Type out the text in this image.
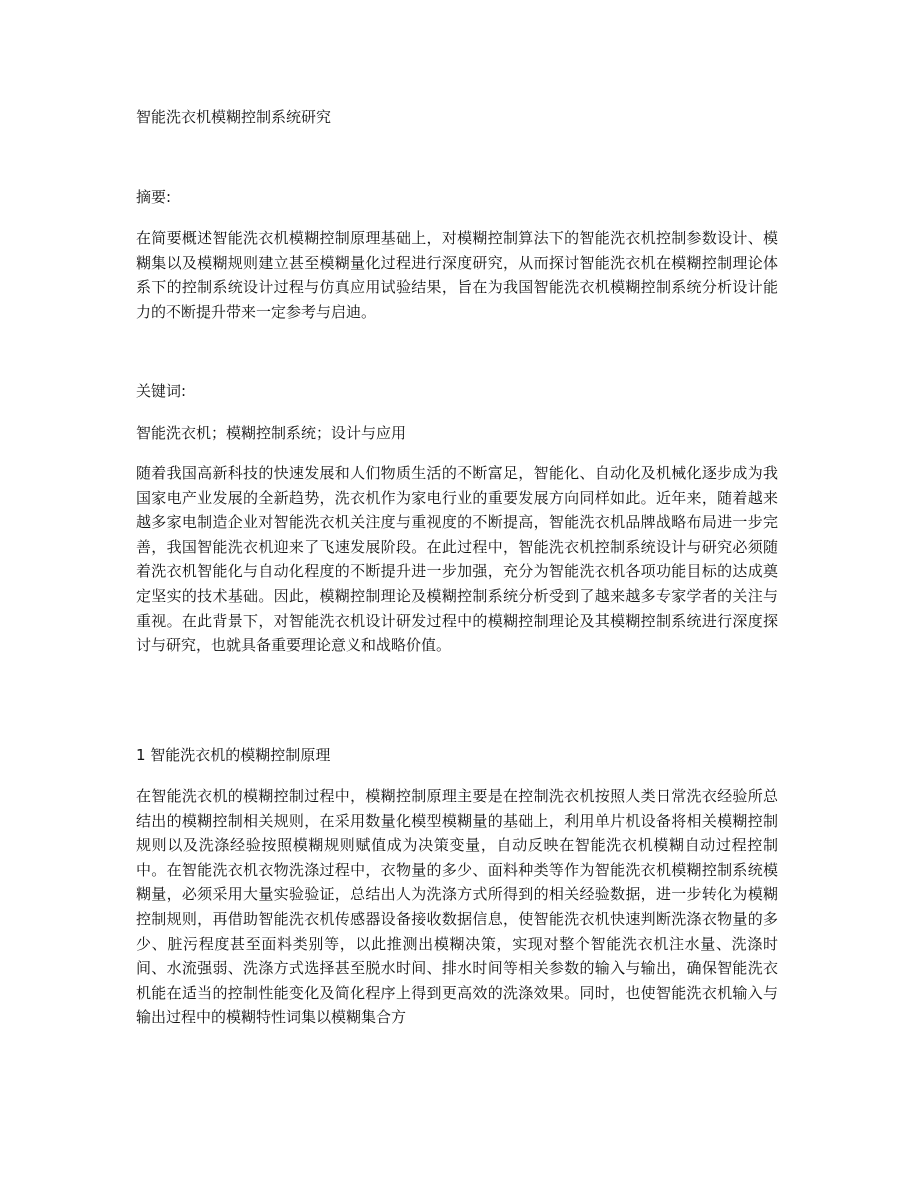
智能洗衣机模糊控制系统研究
摘要:

在简要概述智能洗衣机模糊控制原理基础上，对模糊控制算法下的智能洗衣机控制参数设计、模糊集以及模糊规则建立甚至模糊量化过程进行深度研究，从而探讨智能洗衣机在模糊控制理论体系下的控制系统设计过程与仿真应用试验结果，旨在为我国智能洗衣机模糊控制系统分析设计能力的不断提升带来一定参考与启迪。

关键词:
智能洗衣机；模糊控制系统；设计与应用

随着我国高新科技的快速发展和人们物质生活的不断富足，智能化、自动化及机械化逐步成为我国家电产业发展的全新趋势，洗衣机作为家电行业的重要发展方向同样如此。近年来，随着越来越多家电制造企业对智能洗衣机关注度与重视度的不断提高，智能洗衣机品牌战略布局进一步完善，我国智能洗衣机迎来了飞速发展阶段。在此过程中，智能洗衣机控制系统设计与研究必须随着洗衣机智能化与自动化程度的不断提升进一步加强，充分为智能洗衣机各项功能目标的达成奠定坚实的技术基础。因此，模糊控制理论及模糊控制系统分析受到了越来越多专家学者的关注与重视。在此背景下，对智能洗衣机设计研发过程中的模糊控制理论及其模糊控制系统进行深度探讨与研究，也就具备重要理论意义和战略价值。

1 智能洗衣机的模糊控制原理

在智能洗衣机的模糊控制过程中，模糊控制原理主要是在控制洗衣机按照人类日常洗衣经验所总结出的模糊控制相关规则，在采用数量化模型模糊量的基础上，利用单片机设备将相关模糊控制规则以及洗涤经验按照模糊规则赋值成为决策变量，自动反映在智能洗衣机模糊自动过程控制中。在智能洗衣机衣物洗涤过程中，衣物量的多少、面料种类等作为智能洗衣机模糊控制系统模糊量，必须采用大量实验验证，总结出人为洗涤方式所得到的相关经验数据，进一步转化为模糊控制规则，再借助智能洗衣机传感器设备接收数据信息，使智能洗衣机快速判断洗涤衣物量的多少、脏污程度甚至面料类别等，以此推测出模糊决策，实现对整个智能洗衣机注水量、洗涤时间、水流强弱、洗涤方式选择甚至脱水时间、排水时间等相关参数的输入与输出，确保智能洗衣机能在适当的控制性能变化及简化程序上得到更高效的洗涤效果。同时，也使智能洗衣机输入与输出过程中的模糊特性词集以模糊集合方
